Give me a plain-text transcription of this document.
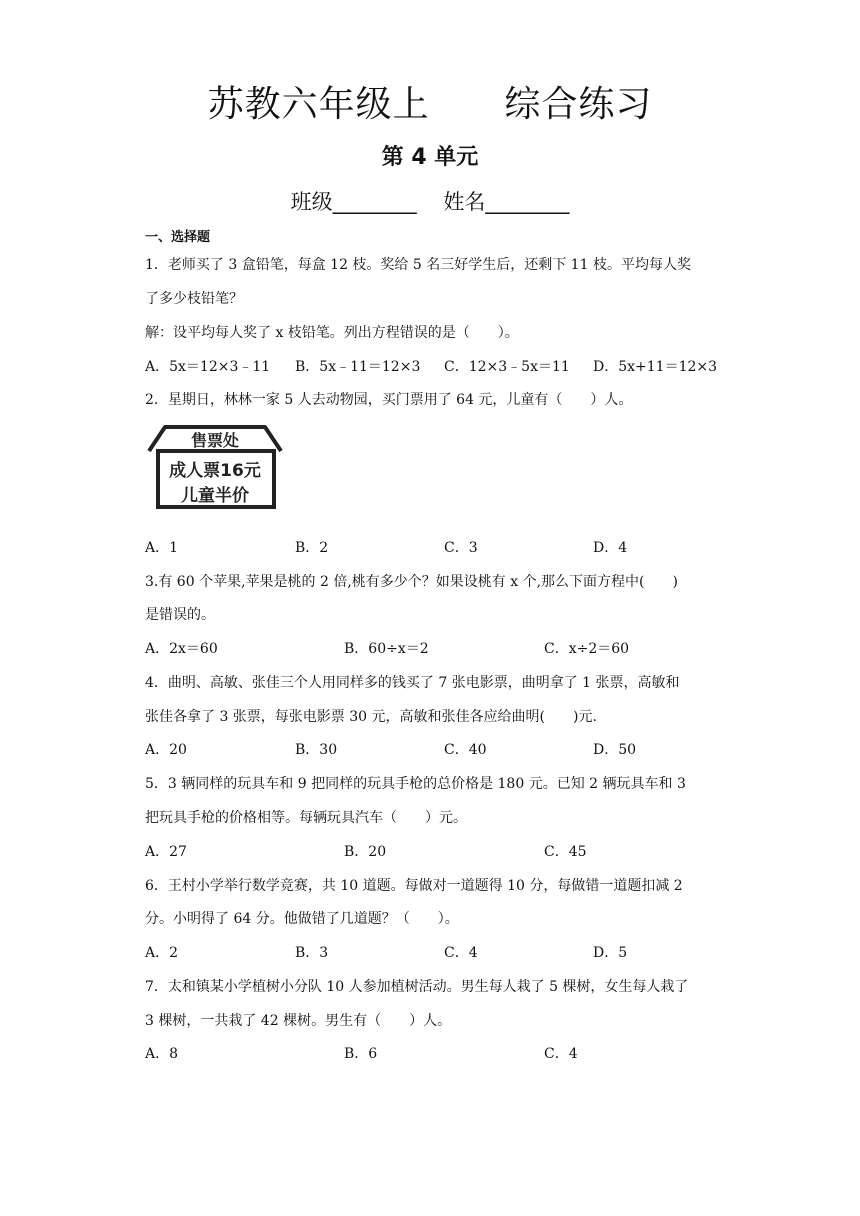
苏教六年级上      综合练习
第 4 单元
班级________    姓名________
一、选择题
1．老师买了 3 盒铅笔，每盒 12 枝。奖给 5 名三好学生后，还剩下 11 枝。平均每人奖
了多少枝铅笔？
解：设平均每人奖了 x 枝铅笔。列出方程错误的是（　　）。
A．5x＝12×3﹣11 B．5x﹣11＝12×3 C．12×3﹣5x＝11 D．5x+11＝12×3
2．星期日，林林一家 5 人去动物园，买门票用了 64 元，儿童有（　　）人。
售票处
成人票16元
儿童半价
A．1	B．2	C．3	D．4
3.有 60 个苹果,苹果是桃的 2 倍,桃有多少个？如果设桃有 x 个,那么下面方程中(　　)
是错误的。
A．2x＝60	B．60÷x＝2	C．x÷2＝60
4．曲明、高敏、张佳三个人用同样多的钱买了 7 张电影票，曲明拿了 1 张票，高敏和
张佳各拿了 3 张票，每张电影票 30 元，高敏和张佳各应给曲明(　　)元.
A．20	B．30	C．40	D．50
5．3 辆同样的玩具车和 9 把同样的玩具手枪的总价格是 180 元。已知 2 辆玩具车和 3
把玩具手枪的价格相等。每辆玩具汽车（　　）元。
A．27	B．20	C．45
6．王村小学举行数学竞赛，共 10 道题。每做对一道题得 10 分，每做错一道题扣减 2
分。小明得了 64 分。他做错了几道题？（　　）。
A．2	B．3	C．4	D．5
7．太和镇某小学植树小分队 10 人参加植树活动。男生每人栽了 5 棵树，女生每人栽了
3 棵树，一共栽了 42 棵树。男生有（　　）人。
A．8	B．6	C．4
